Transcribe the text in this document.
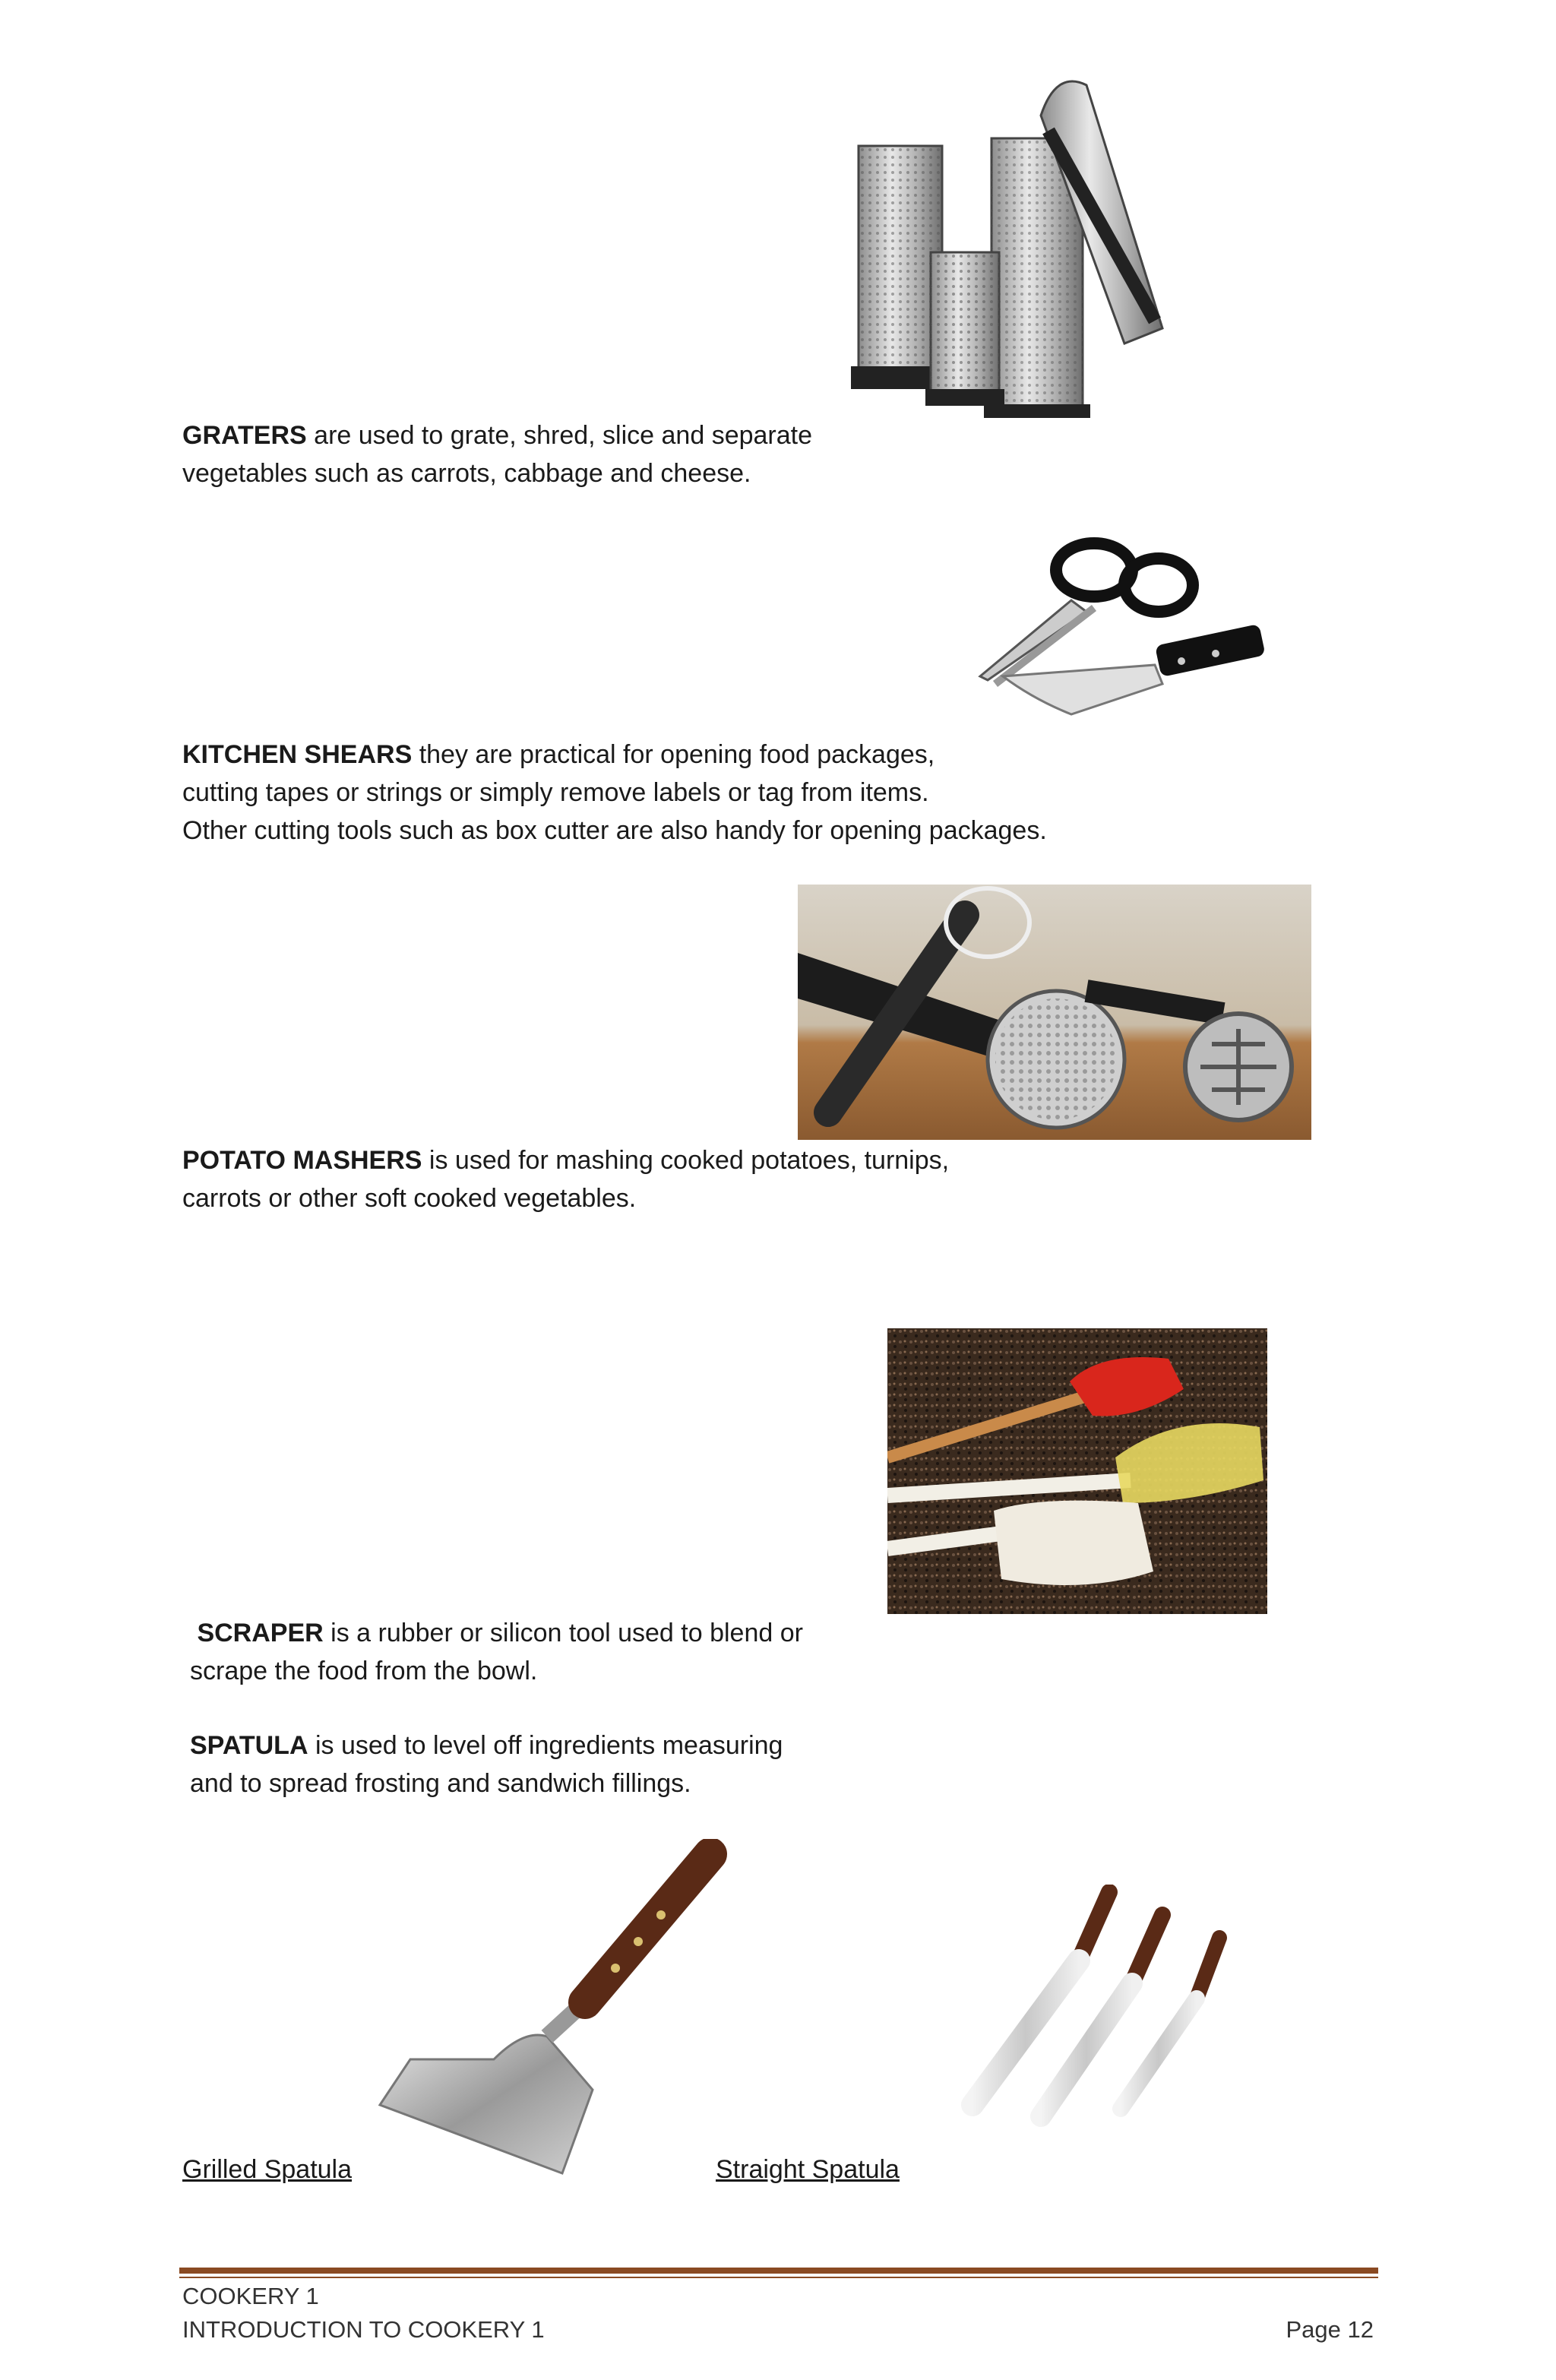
GRATERS are used to grate, shred, slice and separate
vegetables such as carrots, cabbage and cheese.
KITCHEN SHEARS they are practical for opening food packages,
cutting tapes or strings or simply remove labels or tag from items.
Other cutting tools such as box cutter are also handy for opening packages.
POTATO MASHERS is used for mashing cooked potatoes, turnips,
carrots or other soft cooked vegetables.
SCRAPER is a rubber or silicon tool used to blend or
scrape the food from the bowl.
SPATULA is used to level off ingredients measuring
and to spread frosting and sandwich fillings.
Grilled Spatula	Straight Spatula
COOKERY 1
INTRODUCTION TO COOKERY 1	Page 12
